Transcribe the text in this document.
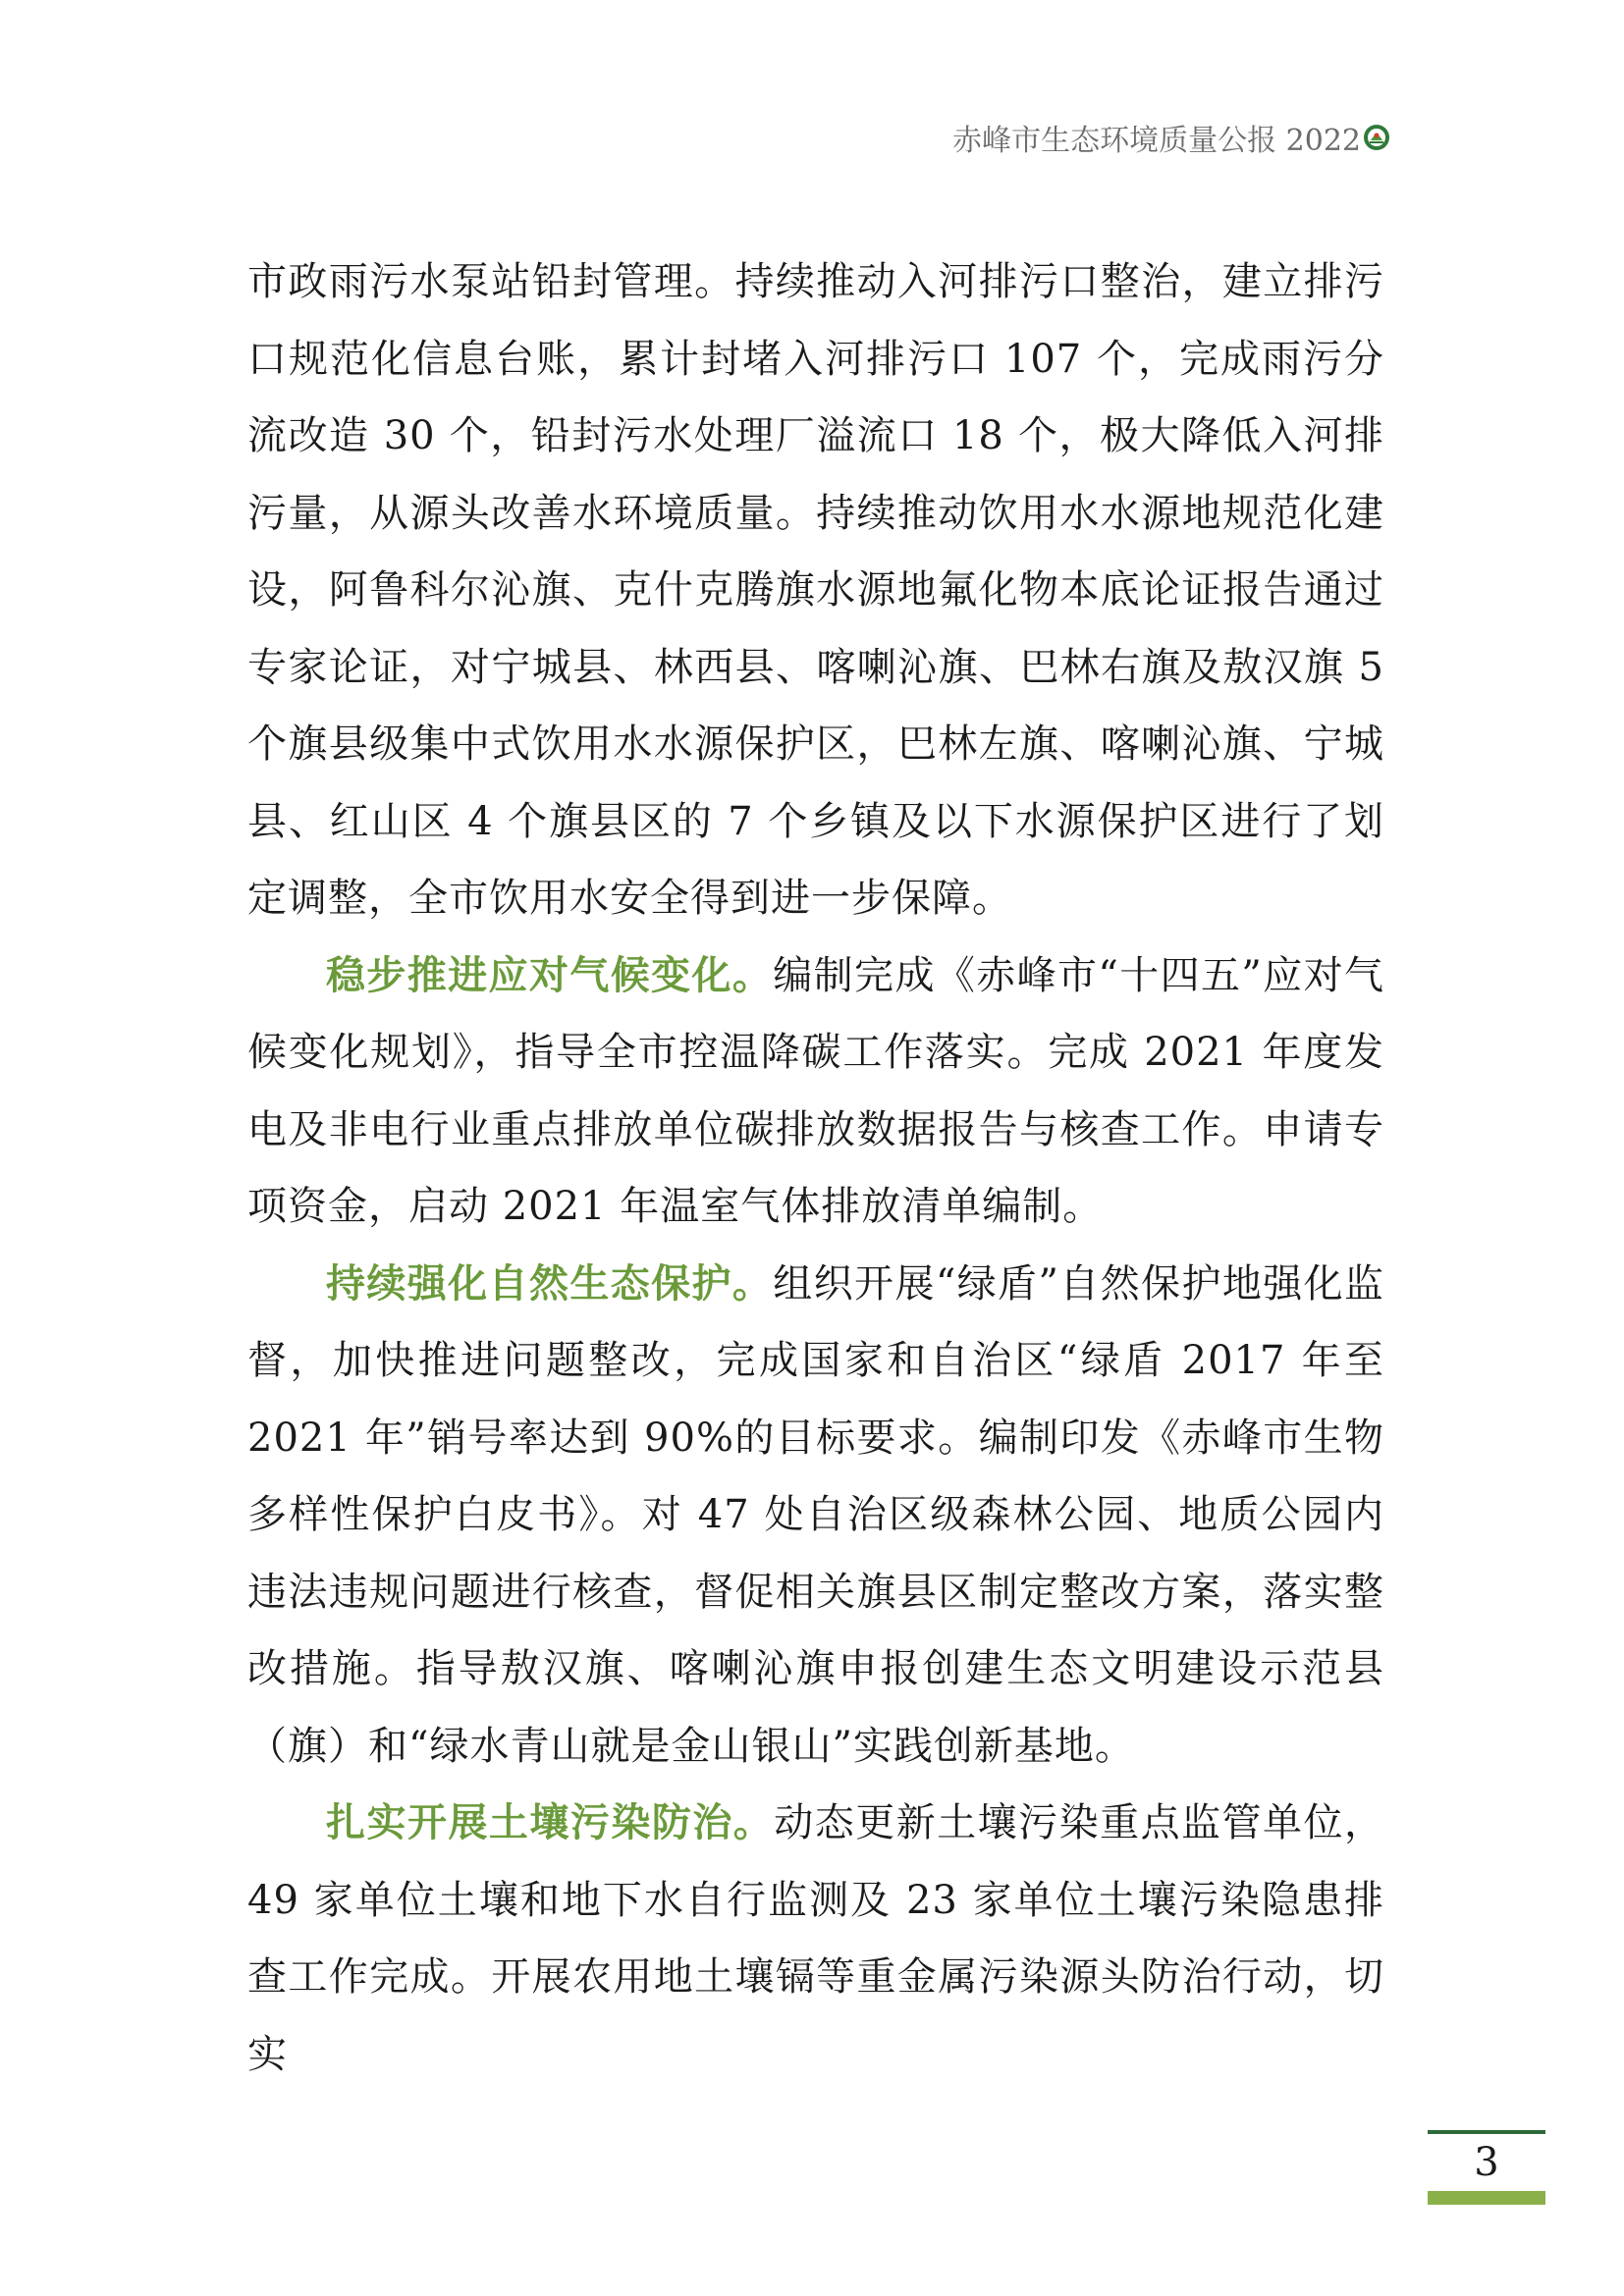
赤峰市生态环境质量公报 2022

市政雨污水泵站铅封管理。持续推动入河排污口整治，建立排污口规范化信息台账，累计封堵入河排污口 107 个，完成雨污分流改造 30 个，铅封污水处理厂溢流口 18 个，极大降低入河排污量，从源头改善水环境质量。持续推动饮用水水源地规范化建设，阿鲁科尔沁旗、克什克腾旗水源地氟化物本底论证报告通过专家论证，对宁城县、林西县、喀喇沁旗、巴林右旗及敖汉旗 5 个旗县级集中式饮用水水源保护区，巴林左旗、喀喇沁旗、宁城县、红山区 4 个旗县区的 7 个乡镇及以下水源保护区进行了划定调整，全市饮用水安全得到进一步保障。

稳步推进应对气候变化。编制完成《赤峰市“十四五”应对气候变化规划》，指导全市控温降碳工作落实。完成 2021 年度发电及非电行业重点排放单位碳排放数据报告与核查工作。申请专项资金，启动 2021 年温室气体排放清单编制。

持续强化自然生态保护。组织开展“绿盾”自然保护地强化监督，加快推进问题整改，完成国家和自治区“绿盾 2017 年至 2021 年”销号率达到 90%的目标要求。编制印发《赤峰市生物多样性保护白皮书》。对 47 处自治区级森林公园、地质公园内违法违规问题进行核查，督促相关旗县区制定整改方案，落实整改措施。指导敖汉旗、喀喇沁旗申报创建生态文明建设示范县（旗）和“绿水青山就是金山银山”实践创新基地。

扎实开展土壤污染防治。动态更新土壤污染重点监管单位，49 家单位土壤和地下水自行监测及 23 家单位土壤污染隐患排查工作完成。开展农用地土壤镉等重金属污染源头防治行动，切实

3
